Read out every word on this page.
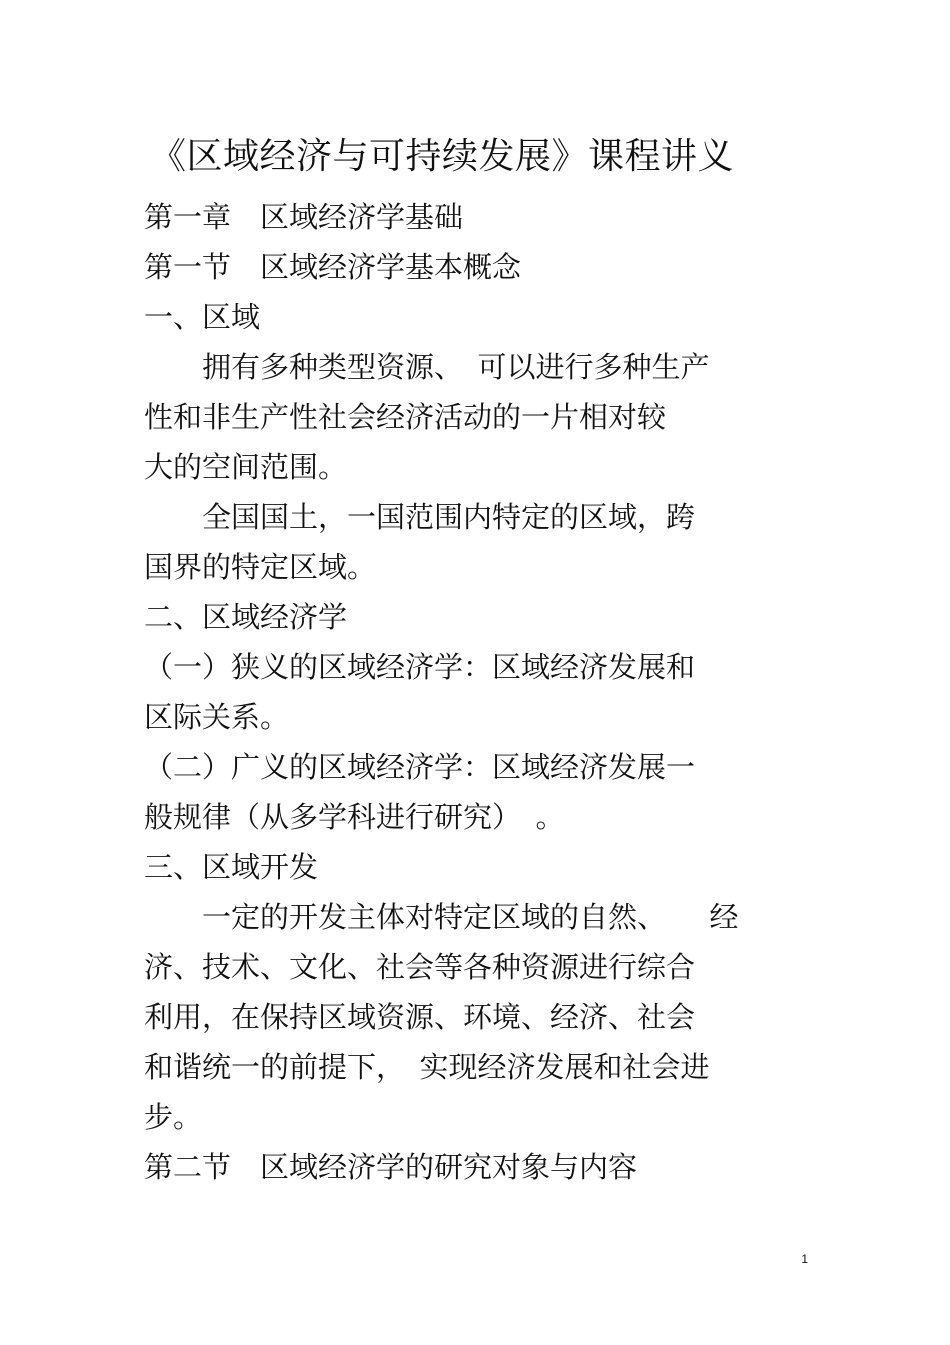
《区域经济与可持续发展》课程讲义
第一章　区域经济学基础
第一节　区域经济学基本概念
一、区域
　　拥有多种类型资源、　可以进行多种生产
性和非生产性社会经济活动的一片相对较
大的空间范围。
　　全国国土，一国范围内特定的区域，跨
国界的特定区域。
二、区域经济学
（一）狭义的区域经济学：区域经济发展和
区际关系。
（二）广义的区域经济学：区域经济发展一
般规律（从多学科进行研究）　。
三、区域开发
　　一定的开发主体对特定区域的自然、　　经
济、技术、文化、社会等各种资源进行综合
利用，在保持区域资源、环境、经济、社会
和谐统一的前提下，　实现经济发展和社会进
步。
第二节　区域经济学的研究对象与内容
1
